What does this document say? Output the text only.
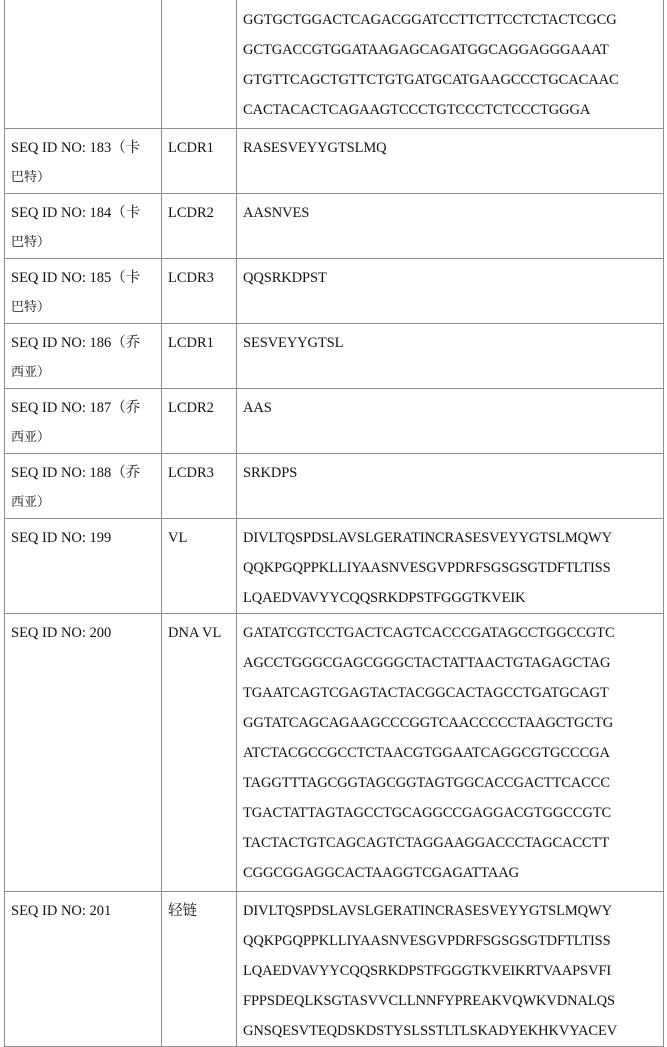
		GGTGCTGGACTCAGACGGATCCTTCTTCCTCTACTCGCG
GCTGACCGTGGATAAGAGCAGATGGCAGGAGGGAAAT
GTGTTCAGCTGTTCTGTGATGCATGAAGCCCTGCACAAC
CACTACACTCAGAAGTCCCTGTCCCTCTCCCTGGGA

SEQ ID NO: 183（卡
巴特）	LCDR1	RASESVEYYGTSLMQ

SEQ ID NO: 184（卡
巴特）	LCDR2	AASNVES

SEQ ID NO: 185（卡
巴特）	LCDR3	QQSRKDPST

SEQ ID NO: 186（乔
西亚）	LCDR1	SESVEYYGTSL

SEQ ID NO: 187（乔
西亚）	LCDR2	AAS

SEQ ID NO: 188（乔
西亚）	LCDR3	SRKDPS

SEQ ID NO: 199	VL	DIVLTQSPDSLAVSLGERATINCRASESVEYYGTSLMQWY
QQKPGQPPKLLIYAASNVESGVPDRFSGSGSGTDFTLTISS
LQAEDVAVYYCQQSRKDPSTFGGGTKVEIK

SEQ ID NO: 200	DNA VL	GATATCGTCCTGACTCAGTCACCCGATAGCCTGGCCGTC
AGCCTGGGCGAGCGGGCTACTATTAACTGTAGAGCTAG
TGAATCAGTCGAGTACTACGGCACTAGCCTGATGCAGT
GGTATCAGCAGAAGCCCGGTCAACCCCCTAAGCTGCTG
ATCTACGCCGCCTCTAACGTGGAATCAGGCGTGCCCGA
TAGGTTTAGCGGTAGCGGTAGTGGCACCGACTTCACCC
TGACTATTAGTAGCCTGCAGGCCGAGGACGTGGCCGTC
TACTACTGTCAGCAGTCTAGGAAGGACCCTAGCACCTT
CGGCGGAGGCACTAAGGTCGAGATTAAG

SEQ ID NO: 201	轻链	DIVLTQSPDSLAVSLGERATINCRASESVEYYGTSLMQWY
QQKPGQPPKLLIYAASNVESGVPDRFSGSGSGTDFTLTISS
LQAEDVAVYYCQQSRKDPSTFGGGTKVEIKRTVAAPSVFI
FPPSDEQLKSGTASVVCLLNNFYPREAKVQWKVDNALQS
GNSQESVTEQDSKDSTYSLSSTLTLSKADYEKHKVYACEV
